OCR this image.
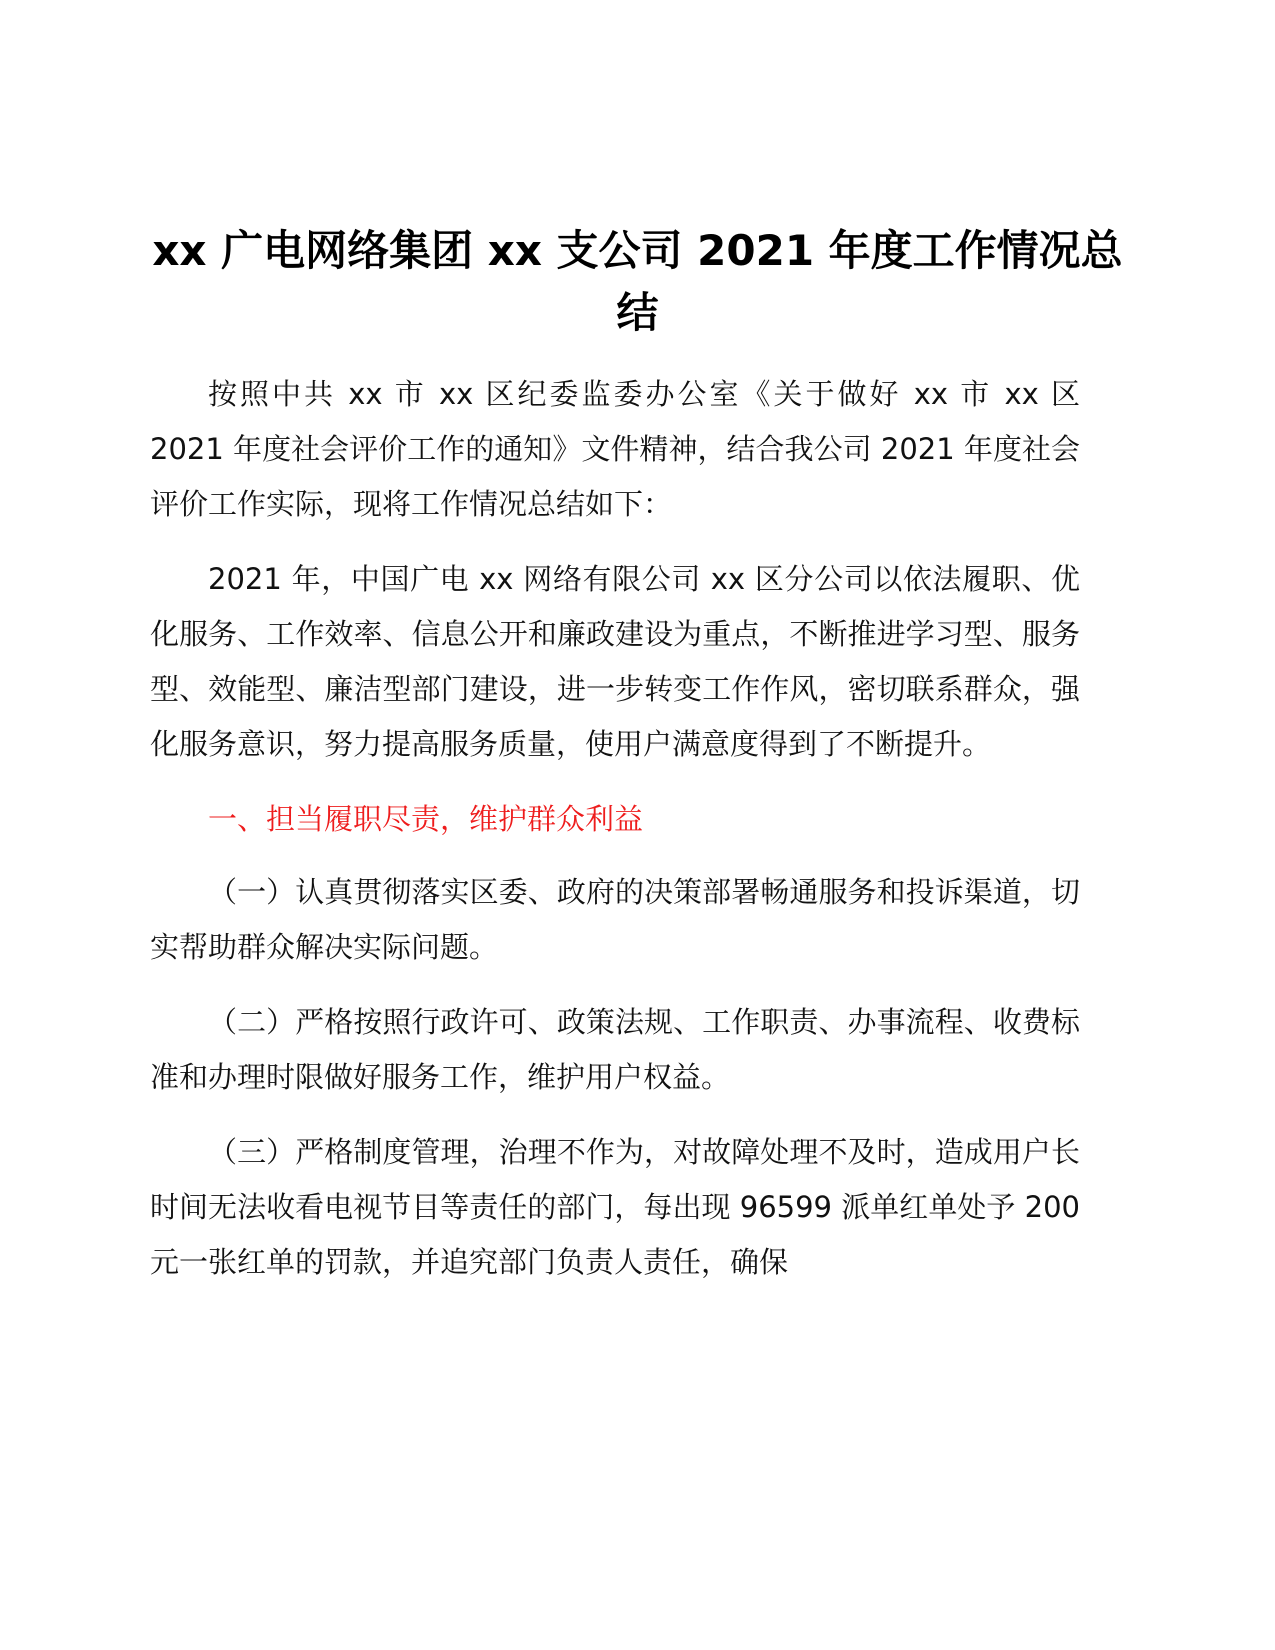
xx 广电网络集团 xx 支公司 2021 年度工作情况总结

按照中共 xx 市 xx 区纪委监委办公室《关于做好 xx 市 xx 区 2021 年度社会评价工作的通知》文件精神，结合我公司 2021 年度社会评价工作实际，现将工作情况总结如下：

2021 年，中国广电 xx 网络有限公司 xx 区分公司以依法履职、优化服务、工作效率、信息公开和廉政建设为重点，不断推进学习型、服务型、效能型、廉洁型部门建设，进一步转变工作作风，密切联系群众，强化服务意识，努力提高服务质量，使用户满意度得到了不断提升。

一、担当履职尽责，维护群众利益

（一）认真贯彻落实区委、政府的决策部署畅通服务和投诉渠道，切实帮助群众解决实际问题。

（二）严格按照行政许可、政策法规、工作职责、办事流程、收费标准和办理时限做好服务工作，维护用户权益。

（三）严格制度管理，治理不作为，对故障处理不及时，造成用户长时间无法收看电视节目等责任的部门，每出现 96599 派单红单处予 200 元一张红单的罚款，并追究部门负责人责任，确保
